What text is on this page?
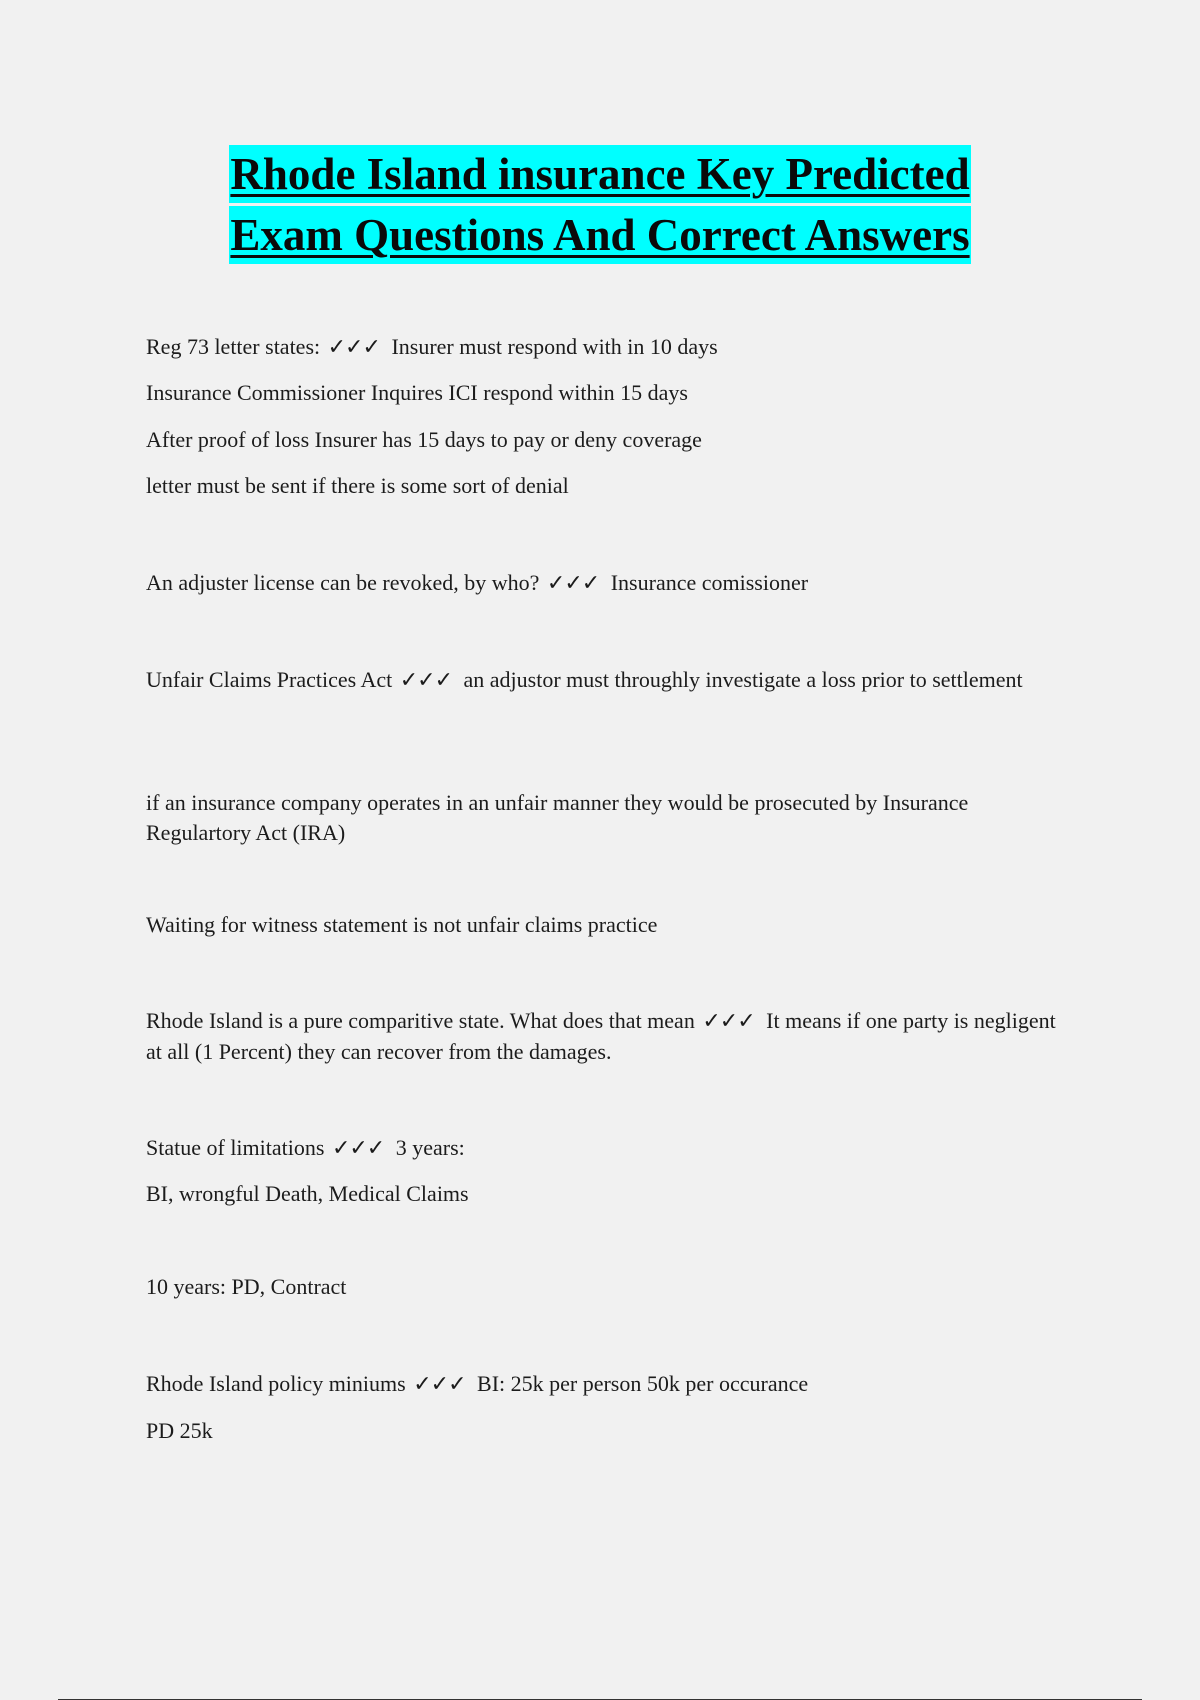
Rhode Island insurance Key Predicted
Exam Questions And Correct Answers
Reg 73 letter states: ✓✓✓ Insurer must respond with in 10 days
Insurance Commissioner Inquires ICI respond within 15 days
After proof of loss Insurer has 15 days to pay or deny coverage
letter must be sent if there is some sort of denial
An adjuster license can be revoked, by who? ✓✓✓ Insurance comissioner
Unfair Claims Practices Act ✓✓✓ an adjustor must throughly investigate a loss prior to settlement
if an insurance company operates in an unfair manner they would be prosecuted by Insurance Regulartory Act (IRA)
Waiting for witness statement is not unfair claims practice
Rhode Island is a pure comparitive state. What does that mean ✓✓✓ It means if one party is negligent at all (1 Percent) they can recover from the damages.
Statue of limitations ✓✓✓ 3 years:
BI, wrongful Death, Medical Claims
10 years: PD, Contract
Rhode Island policy miniums ✓✓✓ BI: 25k per person 50k per occurance
PD 25k
